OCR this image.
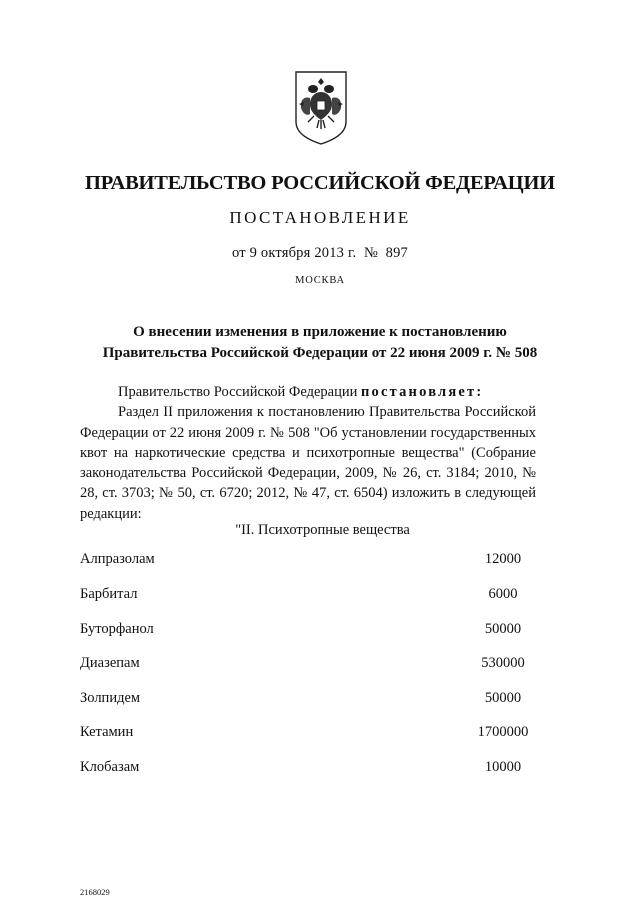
ПРАВИТЕЛЬСТВО РОССИЙСКОЙ ФЕДЕРАЦИИ
ПОСТАНОВЛЕНИЕ
от 9 октября 2013 г. № 897
МОСКВА
О внесении изменения в приложение к постановлению
Правительства Российской Федерации от 22 июня 2009 г. № 508

Правительство Российской Федерации постановляет:

Раздел II приложения к постановлению Правительства Российской Федерации от 22 июня 2009 г. № 508 "Об установлении государственных квот на наркотические средства и психотропные вещества" (Собрание законодательства Российской Федерации, 2009, № 26, ст. 3184; 2010, № 28, ст. 3703; № 50, ст. 6720; 2012, № 47, ст. 6504) изложить в следующей редакции:

"II. Психотропные вещества
Алпразолам	12000
Барбитал	6000
Буторфанол	50000
Диазепам	530000
Золпидем	50000
Кетамин	1700000
Клобазам	10000
2168029
